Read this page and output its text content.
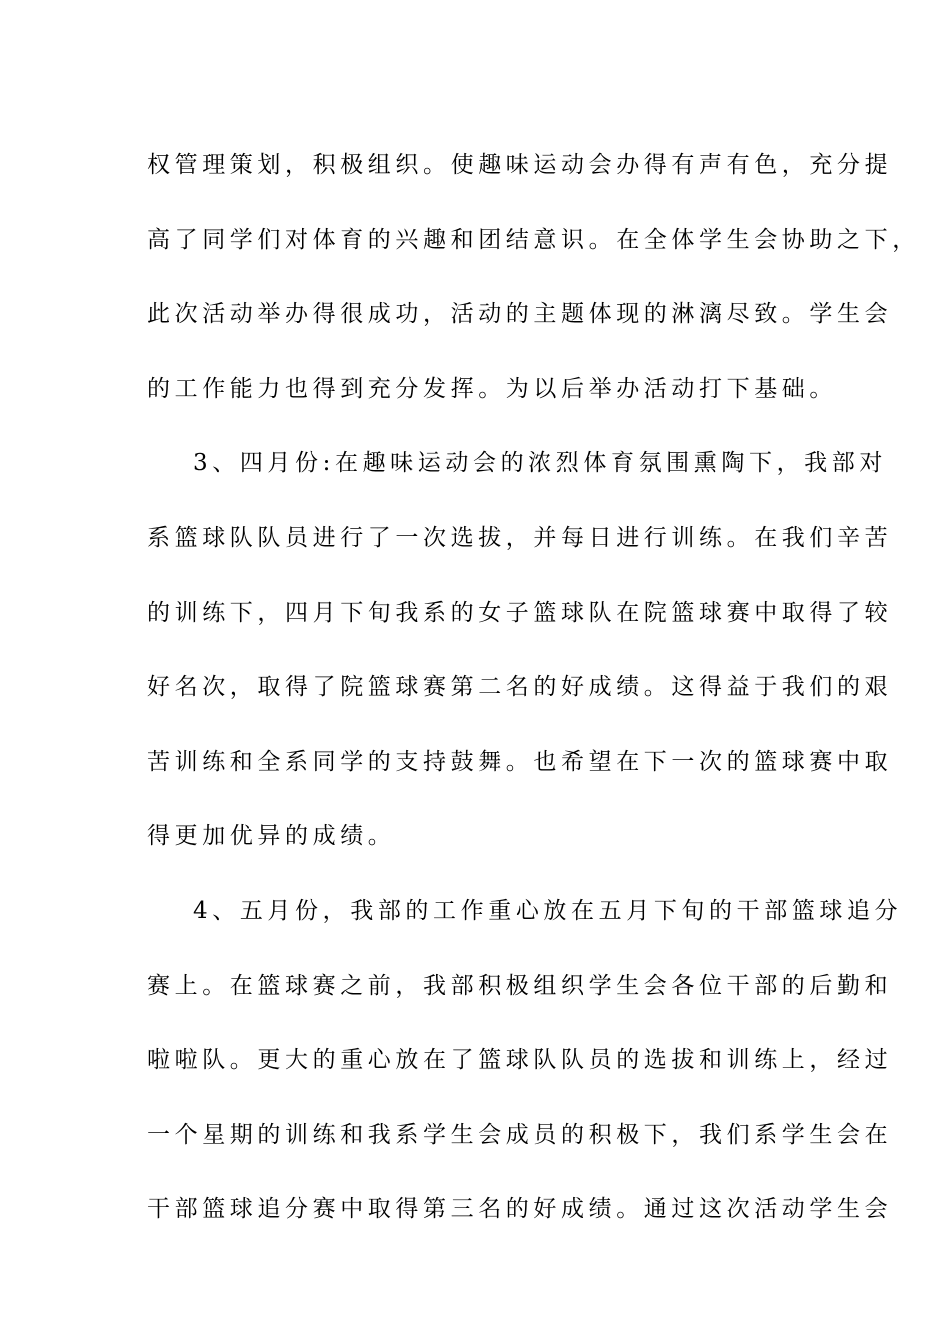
权管理策划，积极组织。使趣味运动会办得有声有色，充分提
高了同学们对体育的兴趣和团结意识。在全体学生会协助之下，
此次活动举办得很成功，活动的主题体现的淋漓尽致。学生会
的工作能力也得到充分发挥。为以后举办活动打下基础。
3、四月份:在趣味运动会的浓烈体育氛围熏陶下，我部对
系篮球队队员进行了一次选拔，并每日进行训练。在我们辛苦
的训练下，四月下旬我系的女子篮球队在院篮球赛中取得了较
好名次，取得了院篮球赛第二名的好成绩。这得益于我们的艰
苦训练和全系同学的支持鼓舞。也希望在下一次的篮球赛中取
得更加优异的成绩。
4、五月份，我部的工作重心放在五月下旬的干部篮球追分
赛上。在篮球赛之前，我部积极组织学生会各位干部的后勤和
啦啦队。更大的重心放在了篮球队队员的选拔和训练上，经过
一个星期的训练和我系学生会成员的积极下，我们系学生会在
干部篮球追分赛中取得第三名的好成绩。通过这次活动学生会
